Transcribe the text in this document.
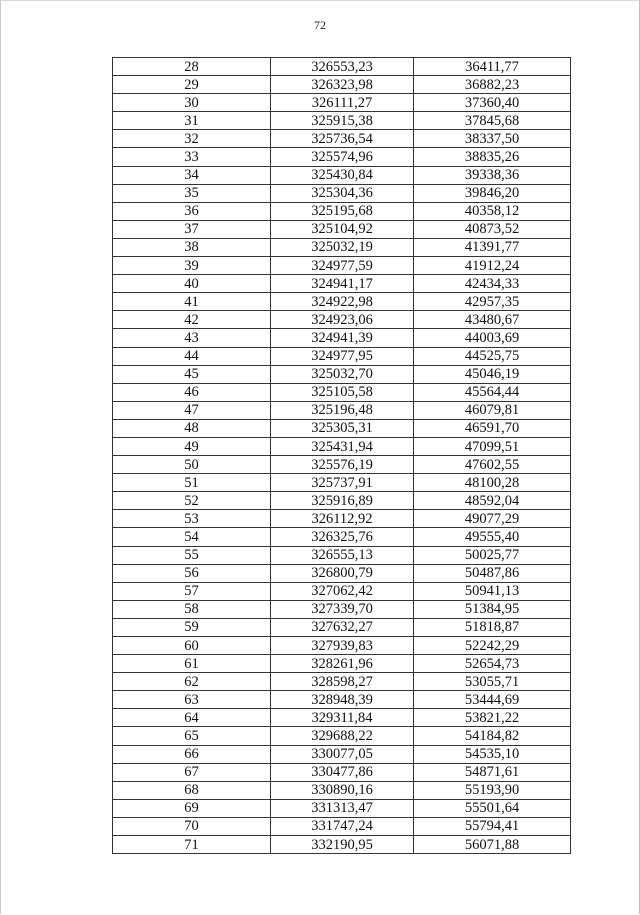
72
28	326553,23	36411,77
29	326323,98	36882,23
30	326111,27	37360,40
31	325915,38	37845,68
32	325736,54	38337,50
33	325574,96	38835,26
34	325430,84	39338,36
35	325304,36	39846,20
36	325195,68	40358,12
37	325104,92	40873,52
38	325032,19	41391,77
39	324977,59	41912,24
40	324941,17	42434,33
41	324922,98	42957,35
42	324923,06	43480,67
43	324941,39	44003,69
44	324977,95	44525,75
45	325032,70	45046,19
46	325105,58	45564,44
47	325196,48	46079,81
48	325305,31	46591,70
49	325431,94	47099,51
50	325576,19	47602,55
51	325737,91	48100,28
52	325916,89	48592,04
53	326112,92	49077,29
54	326325,76	49555,40
55	326555,13	50025,77
56	326800,79	50487,86
57	327062,42	50941,13
58	327339,70	51384,95
59	327632,27	51818,87
60	327939,83	52242,29
61	328261,96	52654,73
62	328598,27	53055,71
63	328948,39	53444,69
64	329311,84	53821,22
65	329688,22	54184,82
66	330077,05	54535,10
67	330477,86	54871,61
68	330890,16	55193,90
69	331313,47	55501,64
70	331747,24	55794,41
71	332190,95	56071,88
